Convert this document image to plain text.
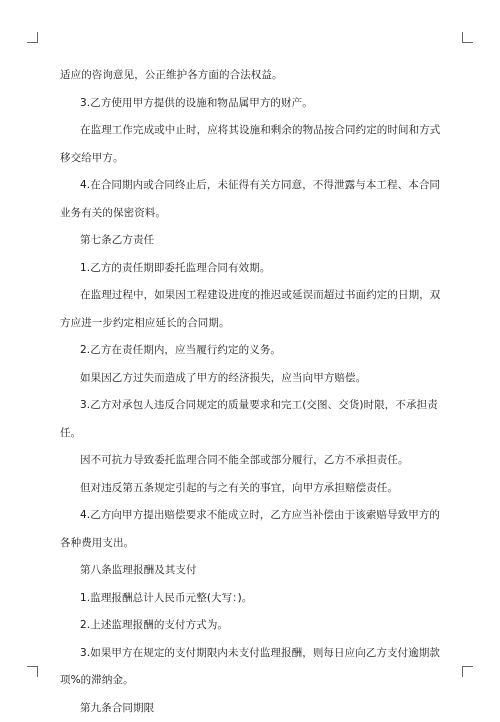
适应的咨询意见，公正维护各方面的合法权益。

3.乙方使用甲方提供的设施和物品属甲方的财产。

在监理工作完成或中止时，应将其设施和剩余的物品按合同约定的时间和方式移交给甲方。

4.在合同期内或合同终止后，未征得有关方同意，不得泄露与本工程、本合同业务有关的保密资料。

第七条乙方责任

1.乙方的责任期即委托监理合同有效期。

在监理过程中，如果因工程建设进度的推迟或延误而超过书面约定的日期，双方应进一步约定相应延长的合同期。

2.乙方在责任期内，应当履行约定的义务。

如果因乙方过失而造成了甲方的经济损失，应当向甲方赔偿。

3.乙方对承包人违反合同规定的质量要求和完工(交图、交货)时限，不承担责任。

因不可抗力导致委托监理合同不能全部或部分履行，乙方不承担责任。

但对违反第五条规定引起的与之有关的事宜，向甲方承担赔偿责任。

4.乙方向甲方提出赔偿要求不能成立时，乙方应当补偿由于该索赔导致甲方的各种费用支出。

第八条监理报酬及其支付

1.监理报酬总计人民币元整(大写：)。

2.上述监理报酬的支付方式为。

3.如果甲方在规定的支付期限内未支付监理报酬，则每日应向乙方支付逾期款项%的滞纳金。

第九条合同期限
